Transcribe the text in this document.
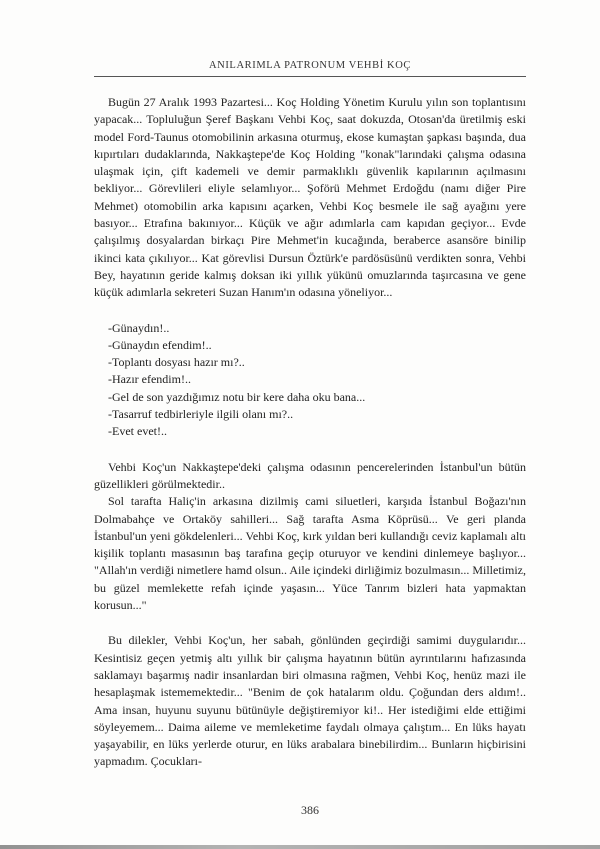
ANILARIMLA PATRONUM VEHBİ KOÇ

Bugün 27 Aralık 1993 Pazartesi... Koç Holding Yönetim Kurulu yılın son toplantısını yapacak... Topluluğun Şeref Başkanı Vehbi Koç, saat dokuzda, Otosan'da üretilmiş eski model Ford-Taunus otomobilinin arkasına oturmuş, ekose kumaştan şapkası başında, dua kıpırtıları dudaklarında, Nakkaştepe'de Koç Holding "konak"larındaki çalışma odasına ulaşmak için, çift kademeli ve demir parmaklıklı güvenlik kapılarının açılmasını bekliyor... Görevlileri eliyle selamlıyor... Şoförü Mehmet Erdoğdu (namı diğer Pire Mehmet) otomobilin arka kapısını açarken, Vehbi Koç besmele ile sağ ayağını yere basıyor... Etrafına bakınıyor... Küçük ve ağır adımlarla cam kapıdan geçiyor... Evde çalışılmış dosyalardan birkaçı Pire Mehmet'in kucağında, beraberce asansöre binilip ikinci kata çıkılıyor... Kat görevlisi Dursun Öztürk'e pardösüsünü verdikten sonra, Vehbi Bey, hayatının geride kalmış doksan iki yıllık yükünü omuzlarında taşırcasına ve gene küçük adımlarla sekreteri Suzan Hanım'ın odasına yöneliyor...

-Günaydın!..
-Günaydın efendim!..
-Toplantı dosyası hazır mı?..
-Hazır efendim!..
-Gel de son yazdığımız notu bir kere daha oku bana...
-Tasarruf tedbirleriyle ilgili olanı mı?..
-Evet evet!..

Vehbi Koç'un Nakkaştepe'deki çalışma odasının pencerelerinden İstanbul'un bütün güzellikleri görülmektedir..

Sol tarafta Haliç'in arkasına dizilmiş cami siluetleri, karşıda İstanbul Boğazı'nın Dolmabahçe ve Ortaköy sahilleri... Sağ tarafta Asma Köprüsü... Ve geri planda İstanbul'un yeni gökdelenleri... Vehbi Koç, kırk yıldan beri kullandığı ceviz kaplamalı altı kişilik toplantı masasının baş tarafına geçip oturuyor ve kendini dinlemeye başlıyor... "Allah'ın verdiği nimetlere hamd olsun.. Aile içindeki dirliğimiz bozulmasın... Milletimiz, bu güzel memlekette refah içinde yaşasın... Yüce Tanrım bizleri hata yapmaktan korusun..."

Bu dilekler, Vehbi Koç'un, her sabah, gönlünden geçirdiği samimi duygularıdır... Kesintisiz geçen yetmiş altı yıllık bir çalışma hayatının bütün ayrıntılarını hafızasında saklamayı başarmış nadir insanlardan biri olmasına rağmen, Vehbi Koç, henüz mazi ile hesaplaşmak istememektedir... "Benim de çok hatalarım oldu. Çoğundan ders aldım!.. Ama insan, huyunu suyunu bütünüyle değiştiremiyor ki!.. Her istediğimi elde ettiğimi söyleyemem... Daima aileme ve memleketime faydalı olmaya çalıştım... En lüks hayatı yaşayabilir, en lüks yerlerde oturur, en lüks arabalara binebilirdim... Bunların hiçbirisini yapmadım. Çocukları-

386
